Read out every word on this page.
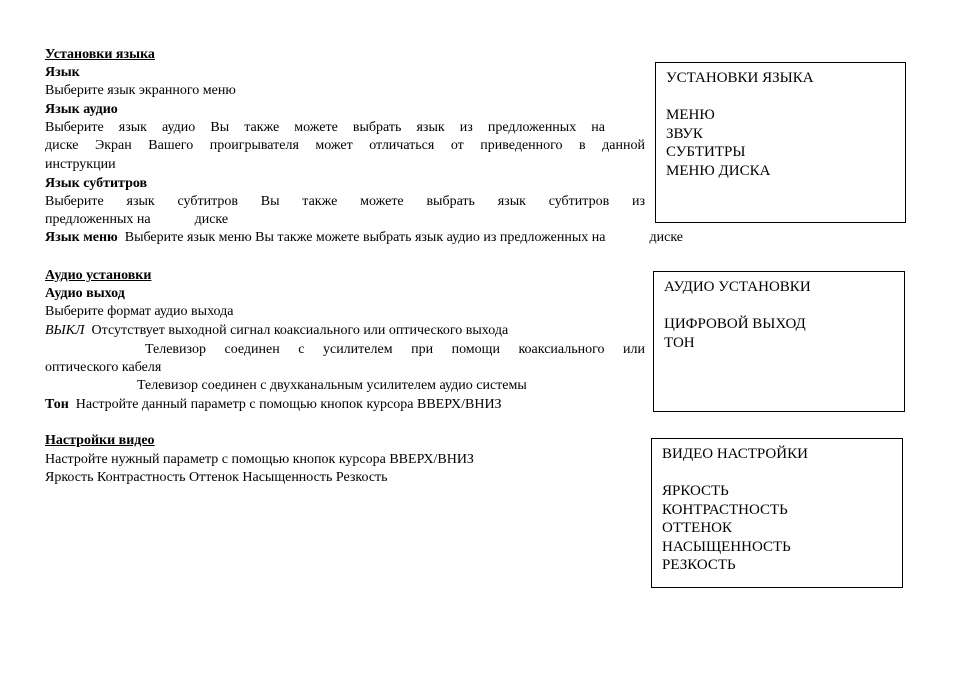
Установки языка
Язык
Выберите язык экранного меню
Язык аудио
Выберите язык аудио Вы также можете выбрать язык из предложенных на
диске Экран Вашего проигрывателя может отличаться от приведенного в данной
инструкции
Язык субтитров
Выберите язык субтитров Вы также можете выбрать язык субтитров из
предложенных на	диске
Язык меню Выберите язык меню Вы также можете выбрать язык аудио из предложенных на	диске
Аудио установки
Аудио выход
Выберите формат аудио выхода
ВЫКЛ Отсутствует выходной сигнал коаксиального или оптического выхода
Телевизор соединен с усилителем при помощи коаксиального или
оптического кабеля
Телевизор соединен с двухканальным усилителем аудио системы
Тон Настройте данный параметр с помощью кнопок курсора ВВЕРХ/ВНИЗ
Настройки видео
Настройте нужный параметр с помощью кнопок курсора ВВЕРХ/ВНИЗ
Яркость Контрастность Оттенок Насыщенность Резкость
УСТАНОВКИ ЯЗЫКА
МЕНЮ
ЗВУК
СУБТИТРЫ
МЕНЮ ДИСКА
АУДИО УСТАНОВКИ
ЦИФРОВОЙ ВЫХОД
ТОН
ВИДЕО НАСТРОЙКИ
ЯРКОСТЬ
КОНТРАСТНОСТЬ
ОТТЕНОК
НАСЫЩЕННОСТЬ
РЕЗКОСТЬ
